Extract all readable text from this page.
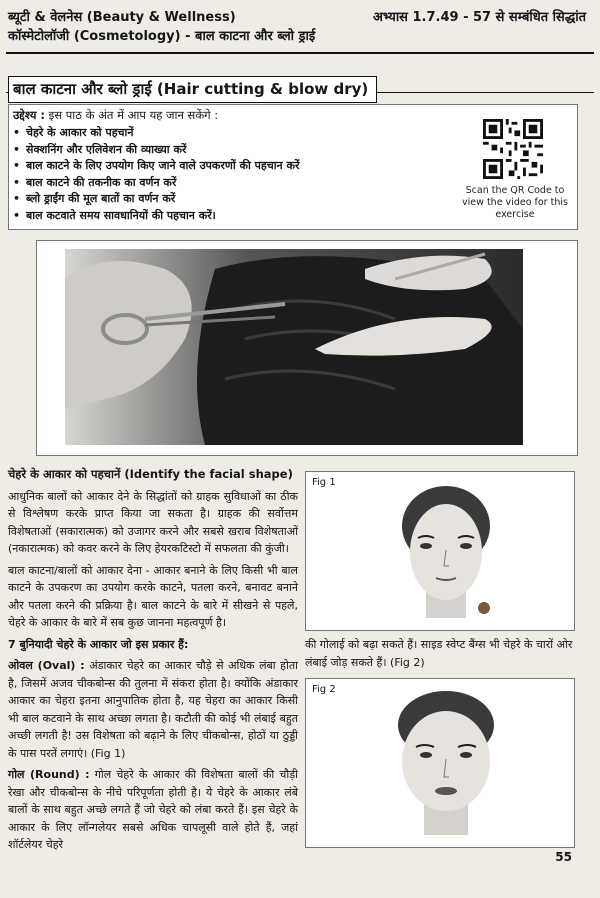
ब्यूटी & वेलनेस (Beauty & Wellness)
कॉस्मेटोलॉजी (Cosmetology) - बाल काटना और ब्लो ड्राई
अभ्यास 1.7.49 - 57 से सम्बंधित सिद्धांत
बाल काटना और ब्लो ड्राई (Hair cutting & blow dry)
उद्देश्य : इस पाठ के अंत में आप यह जान सकेंगे :
• चेहरे के आकार को पहचानें
• सेक्शनिंग और एलिवेशन की व्याख्या करें
• बाल काटने के लिए उपयोग किए जाने वाले उपकरणों की पहचान करें
• बाल काटने की तकनीक का वर्णन करें
• ब्लो ड्राईंग की मूल बातों का वर्णन करें
• बाल कटवाते समय सावधानियों की पहचान करें।
Scan the QR Code to view the video for this exercise

चेहरे के आकार को पहचानें (Identify the facial shape)

आधुनिक बालों को आकार देने के सिद्धांतों को ग्राहक सुविधाओं का ठीक से विश्लेषण करके प्राप्त किया जा सकता है। ग्राहक की सर्वोत्तम विशेषताओं (सकारात्मक) को उजागर करने और सबसे खराब विशेषताओं (नकारात्मक) को कवर करने के लिए हेयरकटिस्टो में सफलता की कुंजी।

बाल काटना/बालों को आकार देना - आकार बनाने के लिए किसी भी बाल काटने के उपकरण का उपयोग करके काटने, पतला करने, बनावट बनाने और पतला करने की प्रक्रिया है। बाल काटने के बारे में सीखने से पहले, चेहरे के आकार के बारे में सब कुछ जानना महत्वपूर्ण है।

7 बुनियादी चेहरे के आकार जो इस प्रकार हैं:

ओवल (Oval) : अंडाकार चेहरे का आकार चौड़े से अधिक लंबा होता है, जिसमें अजव चीकबोन्स की तुलना में संकरा होता है। क्योंकि अंडाकार आकार का चेहरा इतना आनुपातिक होता है, यह चेहरा का आकार किसी भी बाल कटवाने के साथ अच्छा लगता है। कटौती की कोई भी लंबाई बहुत अच्छी लगती है! उस विशेषता को बढ़ाने के लिए चीकबोन्स, होठों या ठुड्डी के पास परतें लगाएं। (Fig 1)

गोल (Round) : गोल चेहरे के आकार की विशेषता बालों की चौड़ी रेखा और चीकबोन्स के नीचे परिपूर्णता होती है। ये चेहरे के आकार लंबे बालों के साथ बहुत अच्छे लगते हैं जो चेहरे को लंबा करते हैं। इस चेहरे के आकार के लिए लॉन्गलेयर सबसे अधिक चापलूसी वाले होते हैं, जहां शॉर्टलेयर चेहरे

Fig 1
की गोलाई को बढ़ा सकते हैं। साइड स्वेप्ट बैंग्स भी चेहरे के चारों ओर लंबाई जोड़ सकते हैं। (Fig 2)
Fig 2
55
